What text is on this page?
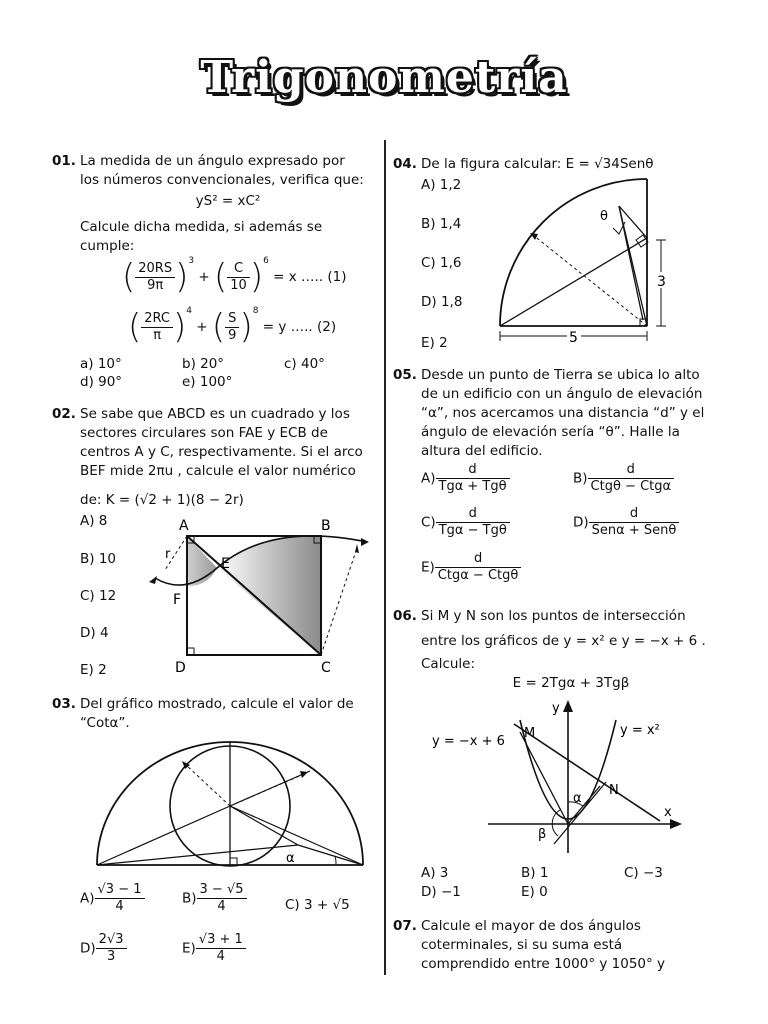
Trigonometría
01. La medida de un ángulo expresado por
los números convencionales, verifica que:
yS² = xC²
Calcule dicha medida, si además se
cumple:
( $\frac{20RS}{9\pi} )^3$ + ( $\frac{C}{10} )^6 = x$ ….. (1)
( $\frac{2RC}{\pi} )^4$ + ( $\frac{S}{9} )^8 = y$ ….. (2)
a) 10°	b) 20°	c) 40°
d) 90°	e) 100°
02. Se sabe que ABCD es un cuadrado y los
sectores circulares son FAE y ECB de
centros A y C, respectivamente. Si el arco
BEF mide 2πu , calcule el valor numérico
de: K = (√2 + 1)(8 − 2r)
A) 8
B) 10
C) 12
D) 4
E) 2
A	B
C
D
E
F
r
03. Del gráfico mostrado, calcule el valor de
“Cotα”.
α
$A) \frac{√3 - 1}{4}$	$B) \frac{3 - √5}{4}$	C) 3 + √5
$D) \frac{2√3}{3}$	$E) \frac{√3 + 1}{4}$
04. De la figura calcular: E = √34Senθ
A) 1,2
B) 1,4
C) 1,6
D) 1,8
E) 2
3
5
θ
05. Desde un punto de Tierra se ubica lo alto
de un edificio con un ángulo de elevación
“α”, nos acercamos una distancia “d” y el
ángulo de elevación sería “θ”. Halle la
altura del edificio.
$A) \frac{d}{\text{Tgα + Tgθ}}$	$B) \frac{d}{\text{Ctgθ − Ctgα}}$
$C) \frac{d}{\text{Tgα − Tgθ}}$	$D) \frac{d}{\text{Senα + Senθ}}$
$E) \frac{d}{\text{Ctgα − Ctgθ}}$
06. Si M y N son los puntos de intersección
entre los gráficos de y = x² e y = −x + 6 .
Calcule:
E = 2Tgα + 3Tgβ
y = −x + 6
y = x²
M
N
x
y
α
β
A) 3	B) 1	C) −3
D) −1	E) 0
07. Calcule el mayor de dos ángulos
coterminales, si su suma está
comprendido entre 1000° y 1050° y
